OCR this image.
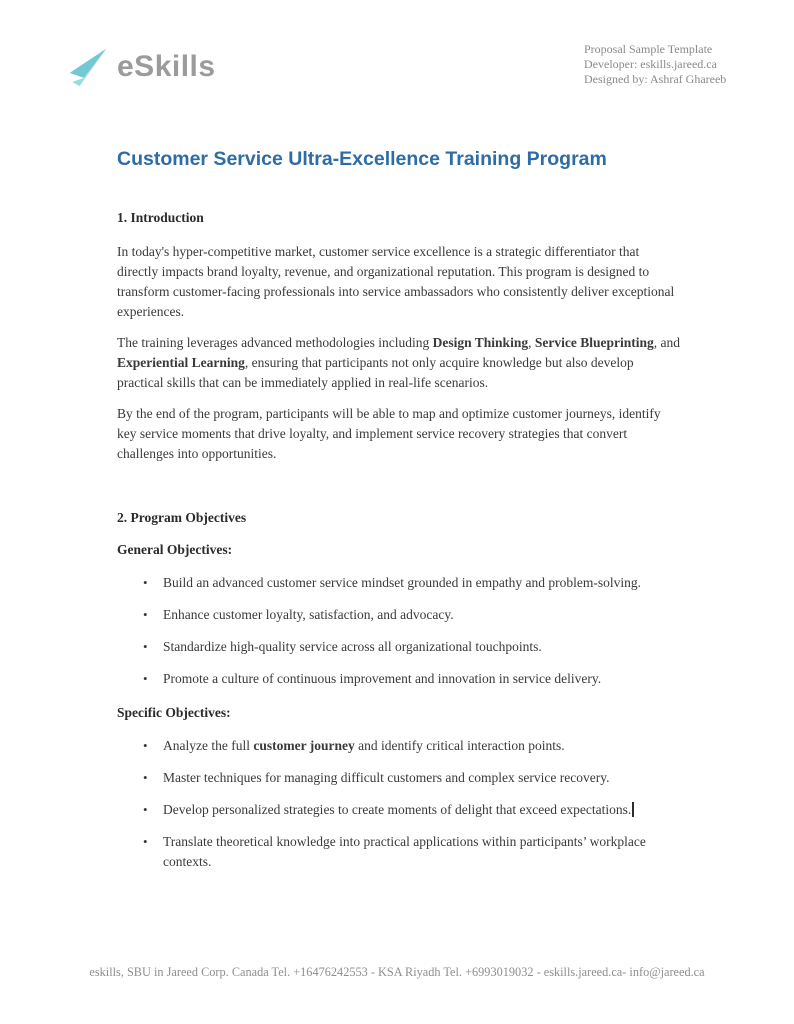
eSkills
Proposal Sample Template
Developer: eskills.jareed.ca
Designed by: Ashraf Ghareeb
Customer Service Ultra-Excellence Training Program
1. Introduction

In today's hyper-competitive market, customer service excellence is a strategic differentiator that directly impacts brand loyalty, revenue, and organizational reputation. This program is designed to transform customer-facing professionals into service ambassadors who consistently deliver exceptional experiences.

The training leverages advanced methodologies including Design Thinking, Service Blueprinting, and Experiential Learning, ensuring that participants not only acquire knowledge but also develop practical skills that can be immediately applied in real-life scenarios.

By the end of the program, participants will be able to map and optimize customer journeys, identify key service moments that drive loyalty, and implement service recovery strategies that convert challenges into opportunities.

2. Program Objectives
General Objectives:
• Build an advanced customer service mindset grounded in empathy and problem-solving.
• Enhance customer loyalty, satisfaction, and advocacy.
• Standardize high-quality service across all organizational touchpoints.
• Promote a culture of continuous improvement and innovation in service delivery.
Specific Objectives:
• Analyze the full customer journey and identify critical interaction points.
• Master techniques for managing difficult customers and complex service recovery.
• Develop personalized strategies to create moments of delight that exceed expectations.
• Translate theoretical knowledge into practical applications within participants’ workplace contexts.
eskills, SBU in Jareed Corp. Canada Tel. +16476242553 - KSA Riyadh Tel. +6993019032 - eskills.jareed.ca- info@jareed.ca
